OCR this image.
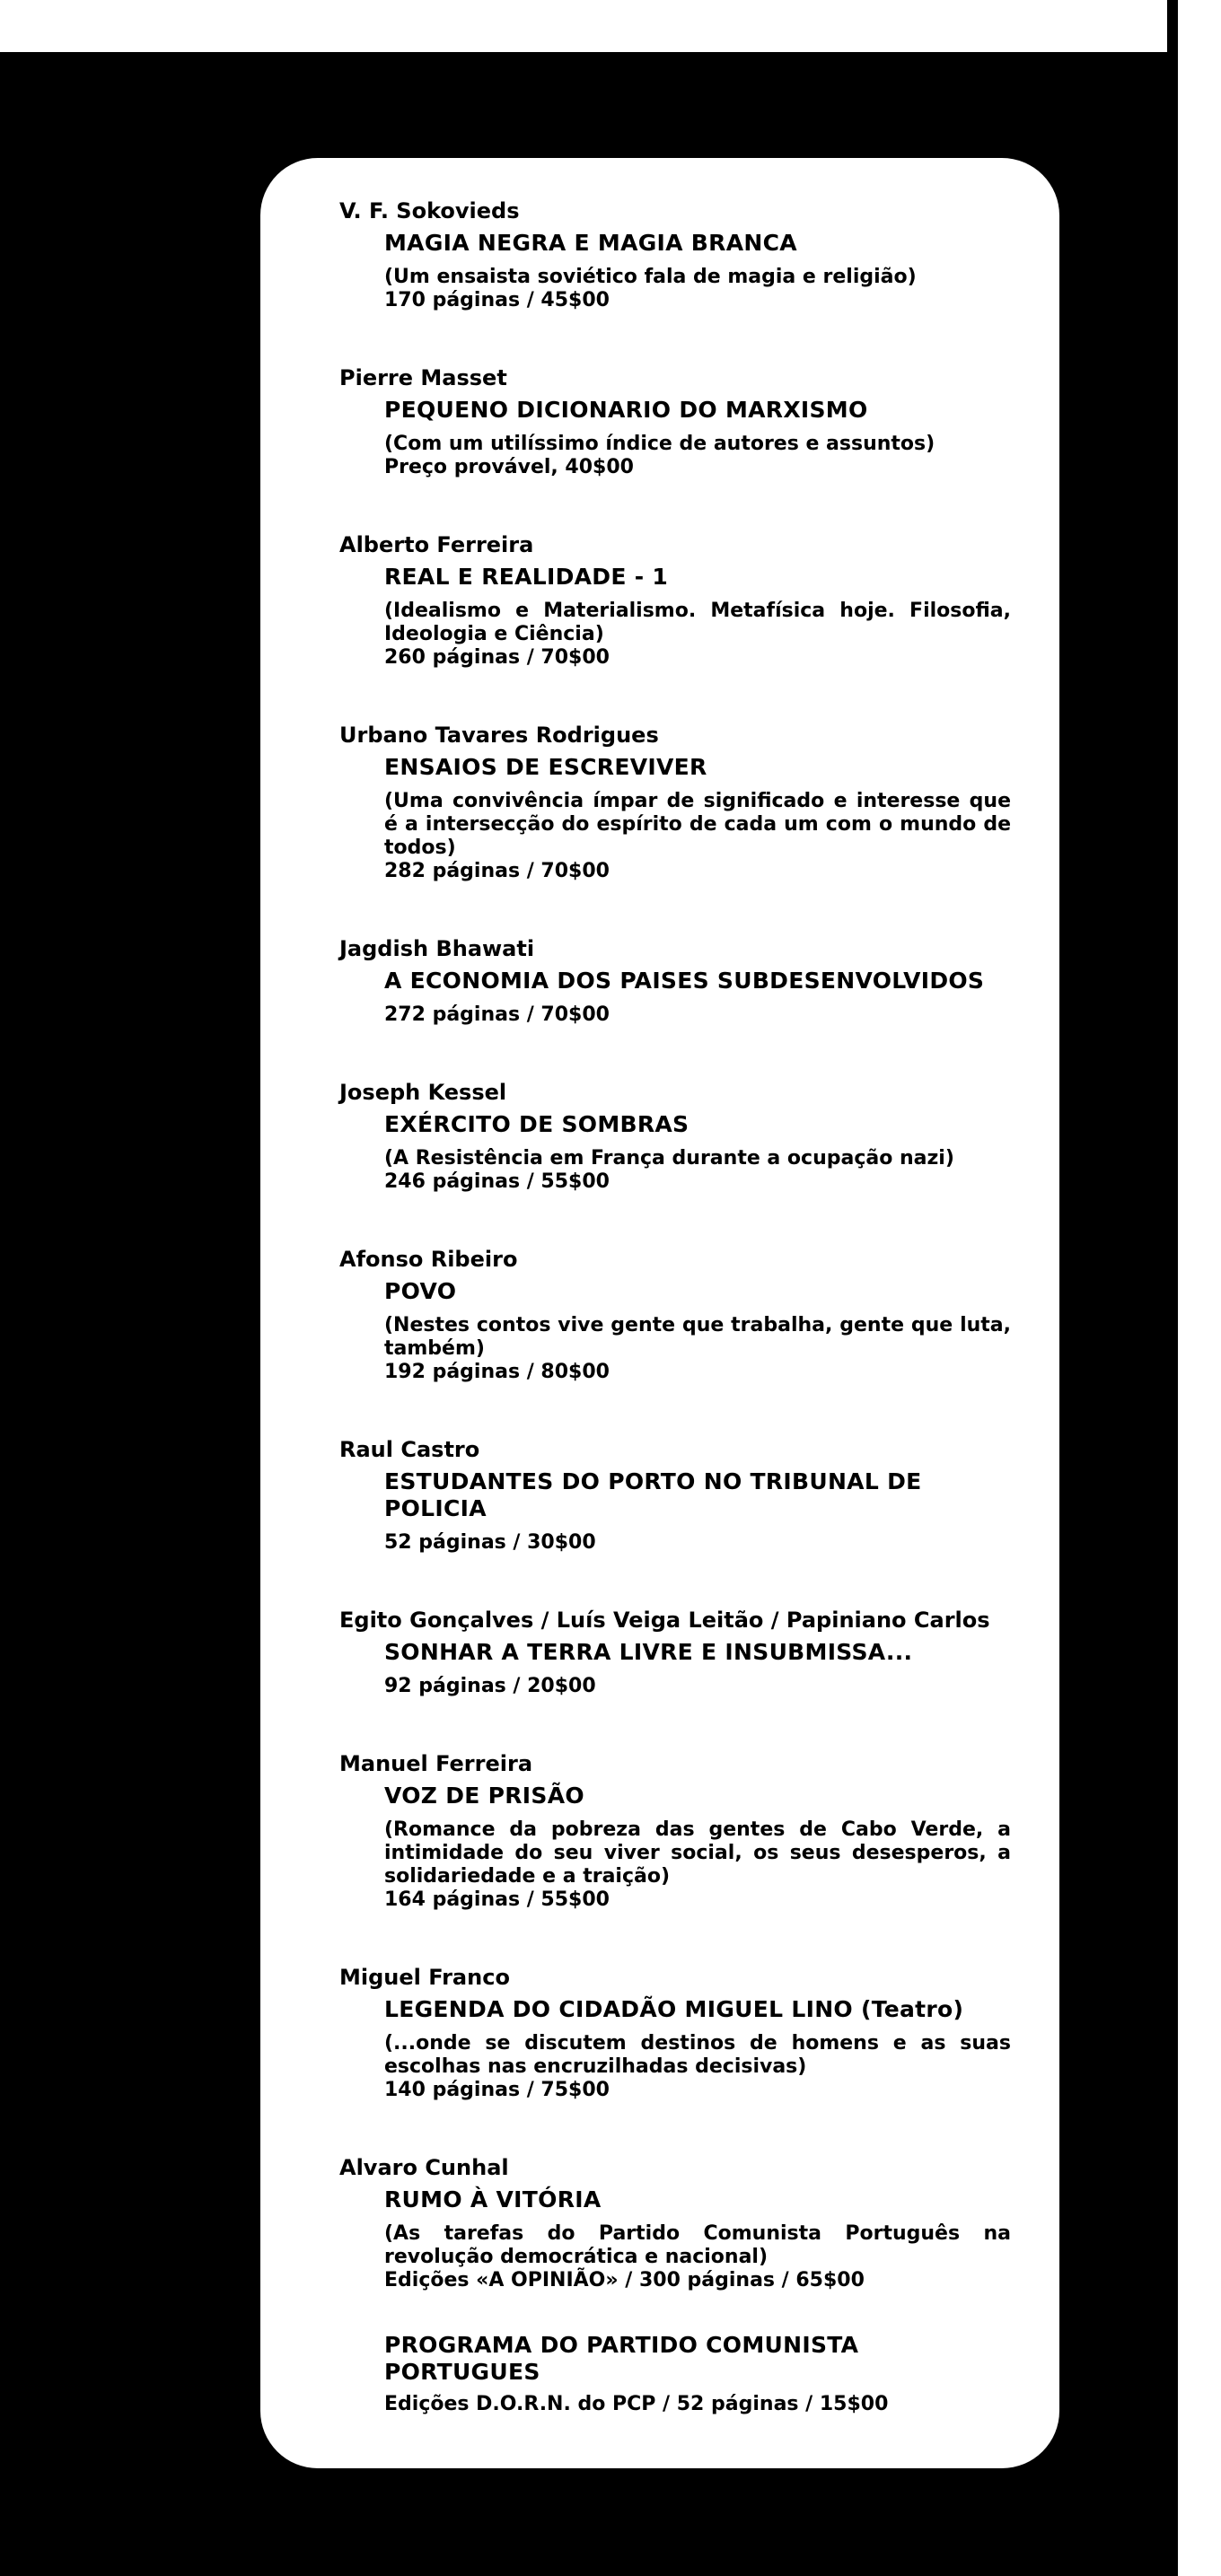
V. F. Sokovieds
MAGIA NEGRA E MAGIA BRANCA
(Um ensaista soviético fala de magia e religião)
170 páginas / 45$00
Pierre Masset
PEQUENO DICIONARIO DO MARXISMO
(Com um utilíssimo índice de autores e assuntos)
Preço provável, 40$00
Alberto Ferreira
REAL E REALIDADE - 1
(Idealismo e Materialismo. Metafísica hoje. Filosofia, Ideologia e Ciência)
260 páginas / 70$00
Urbano Tavares Rodrigues
ENSAIOS DE ESCREVIVER
(Uma convivência ímpar de significado e interesse que é a intersecção do espírito de cada um com o mundo de todos)
282 páginas / 70$00
Jagdish Bhawati
A ECONOMIA DOS PAISES SUBDESENVOLVIDOS
272 páginas / 70$00
Joseph Kessel
EXÉRCITO DE SOMBRAS
(A Resistência em França durante a ocupação nazi)
246 páginas / 55$00
Afonso Ribeiro
POVO
(Nestes contos vive gente que trabalha, gente que luta, também)
192 páginas / 80$00
Raul Castro
ESTUDANTES DO PORTO NO TRIBUNAL DE POLICIA
52 páginas / 30$00
Egito Gonçalves / Luís Veiga Leitão / Papiniano Carlos
SONHAR A TERRA LIVRE E INSUBMISSA...
92 páginas / 20$00
Manuel Ferreira
VOZ DE PRISÃO
(Romance da pobreza das gentes de Cabo Verde, a intimidade do seu viver social, os seus desesperos, a solidariedade e a traição)
164 páginas / 55$00
Miguel Franco
LEGENDA DO CIDADÃO MIGUEL LINO (Teatro)
(...onde se discutem destinos de homens e as suas escolhas nas encruzilhadas decisivas)
140 páginas / 75$00
Alvaro Cunhal
RUMO À VITÓRIA
(As tarefas do Partido Comunista Português na revolução democrática e nacional)
Edições «A OPINIÃO» / 300 páginas / 65$00
PROGRAMA DO PARTIDO COMUNISTA PORTUGUES
Edições D.O.R.N. do PCP / 52 páginas / 15$00
ESTATUTOS DO PARTIDO COMUNISTA PORTUGUES
Edições D.O.R.N. do PCP / 16 páginas / 5$00
